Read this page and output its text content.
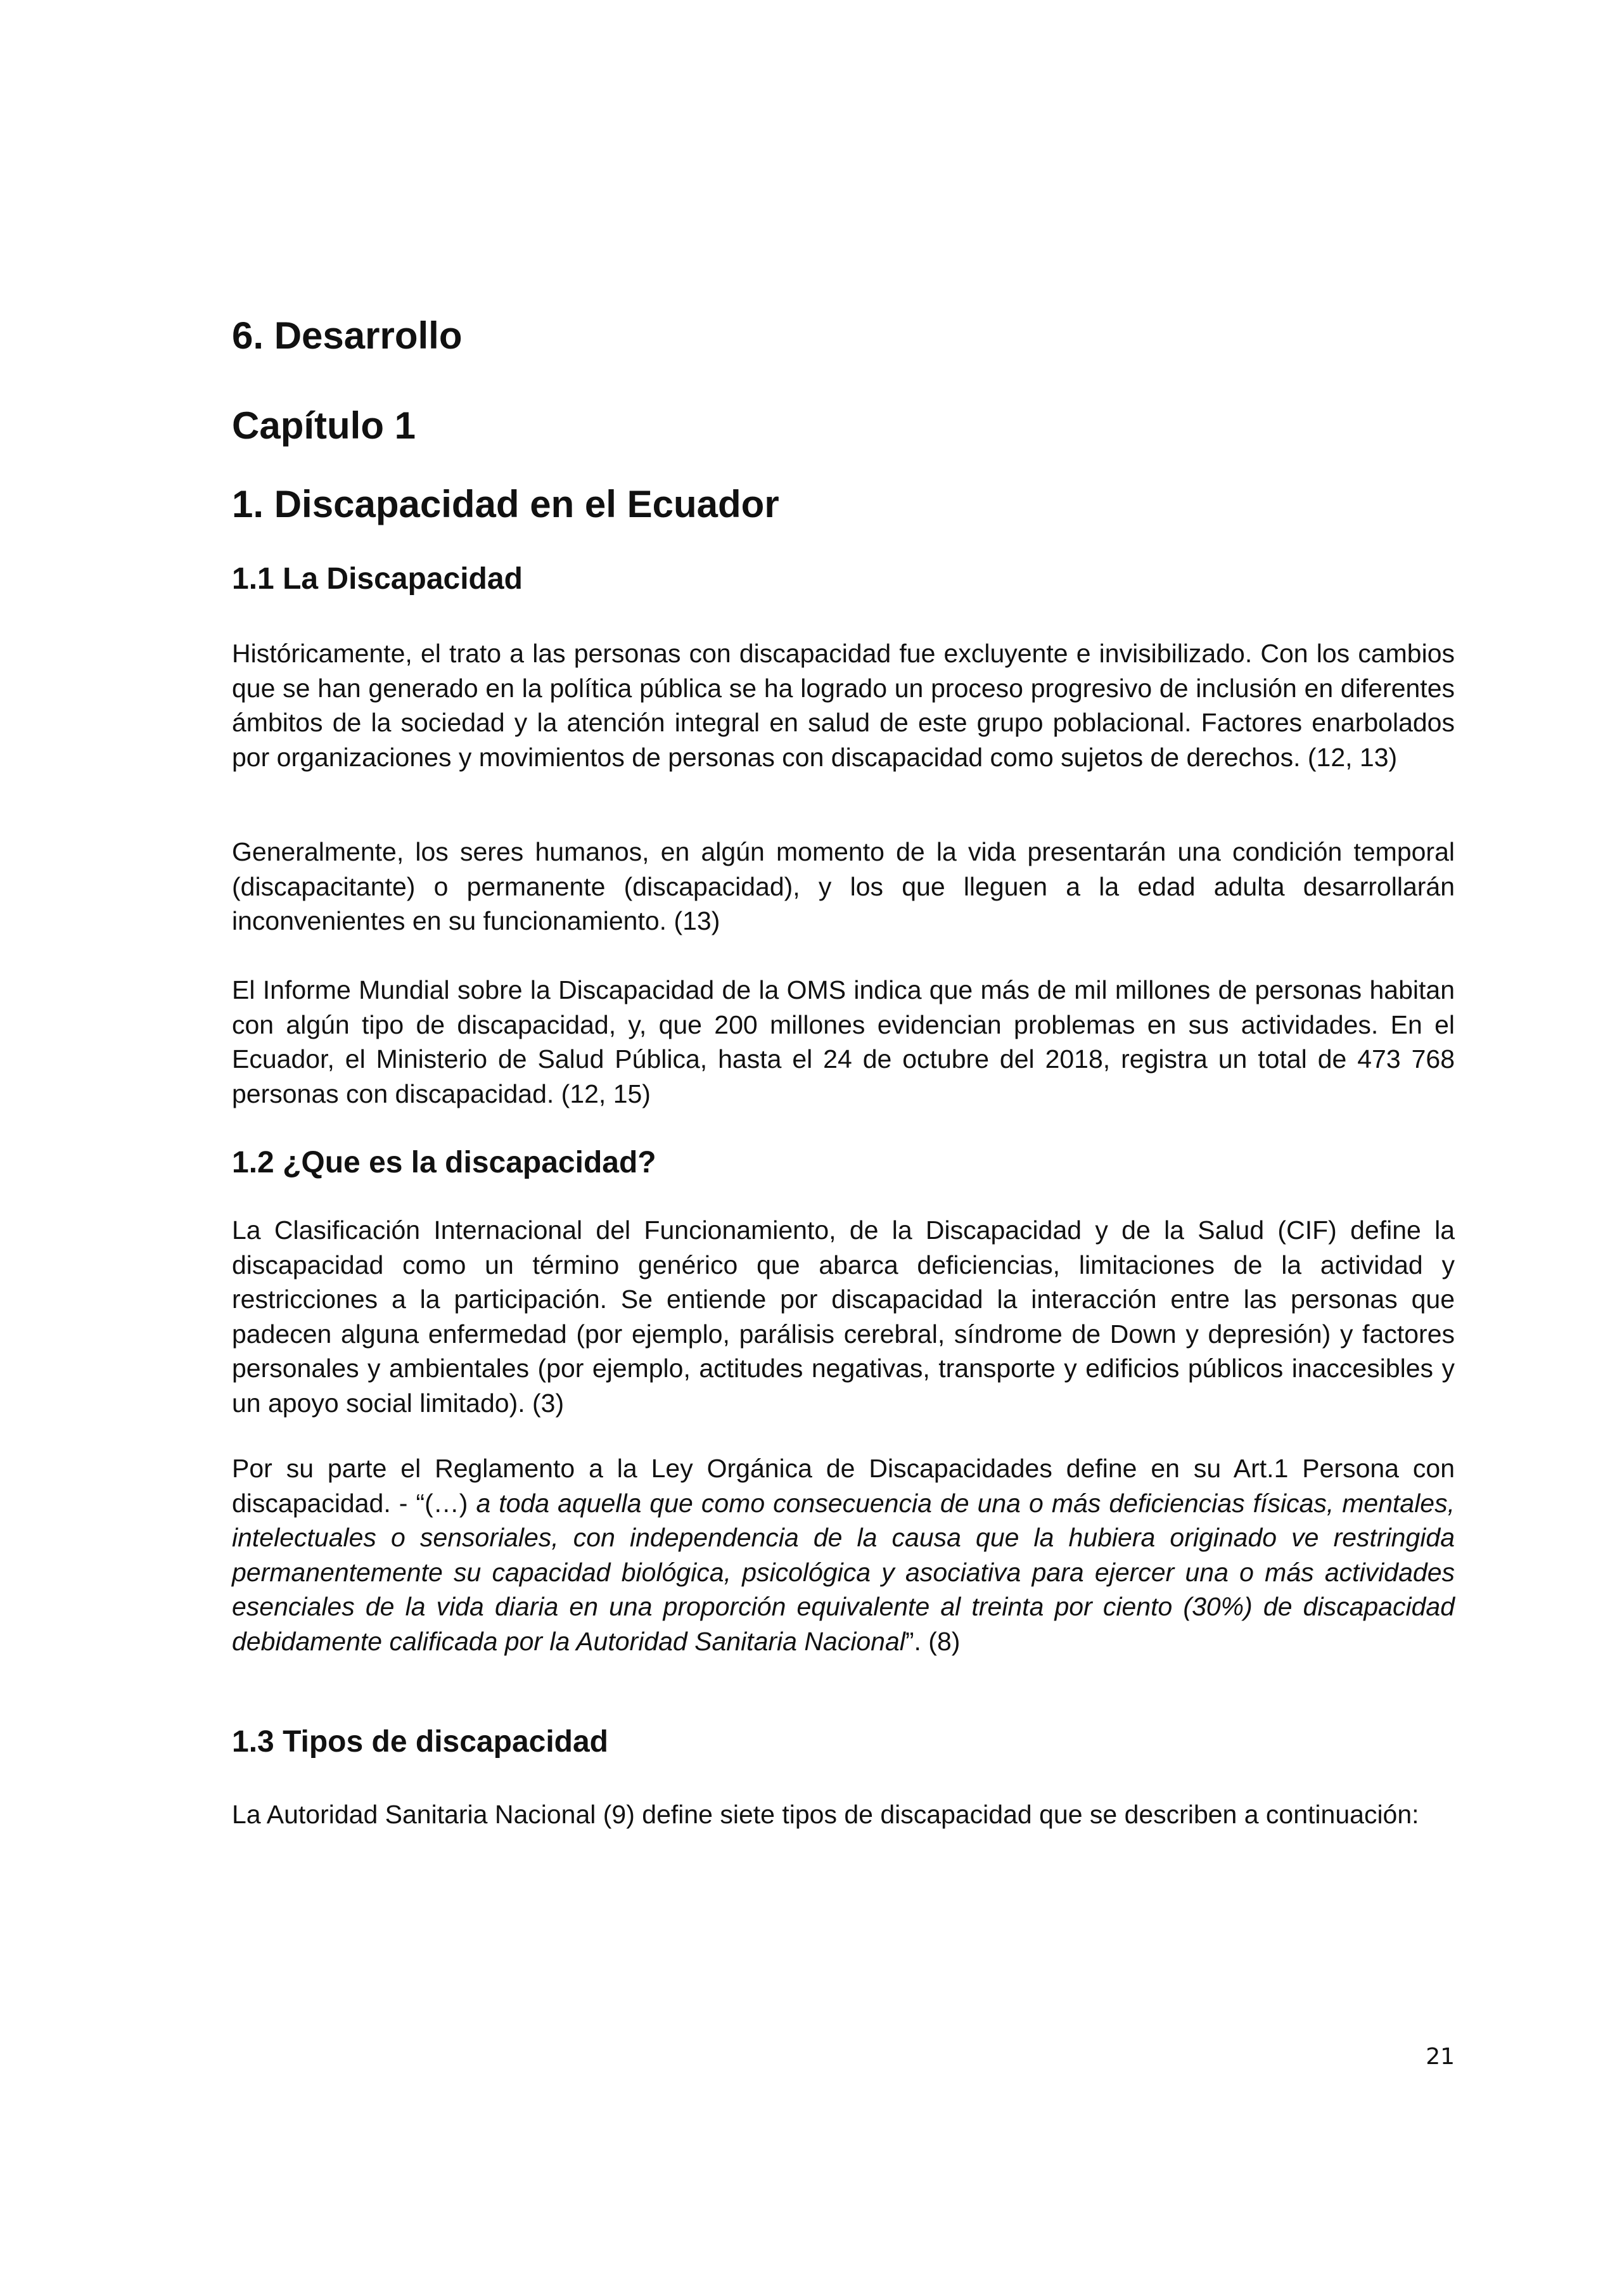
6. Desarrollo
Capítulo 1
1. Discapacidad en el Ecuador
1.1 La Discapacidad

Históricamente, el trato a las personas con discapacidad fue excluyente e invisibilizado. Con los cambios que se han generado en la política pública se ha logrado un proceso progresivo de inclusión en diferentes ámbitos de la sociedad y la atención integral en salud de este grupo poblacional. Factores enarbolados por organizaciones y movimientos de personas con discapacidad como sujetos de derechos. (12, 13)

Generalmente, los seres humanos, en algún momento de la vida presentarán una condición temporal (discapacitante) o permanente (discapacidad), y los que lleguen a la edad adulta desarrollarán inconvenientes en su funcionamiento. (13)

El Informe Mundial sobre la Discapacidad de la OMS indica que más de mil millones de personas habitan con algún tipo de discapacidad, y, que 200 millones evidencian problemas en sus actividades. En el Ecuador, el Ministerio de Salud Pública, hasta el 24 de octubre del 2018, registra un total de 473 768 personas con discapacidad. (12, 15)

1.2 ¿Que es la discapacidad?

La Clasificación Internacional del Funcionamiento, de la Discapacidad y de la Salud (CIF) define la discapacidad como un término genérico que abarca deficiencias, limitaciones de la actividad y restricciones a la participación. Se entiende por discapacidad la interacción entre las personas que padecen alguna enfermedad (por ejemplo, parálisis cerebral, síndrome de Down y depresión) y factores personales y ambientales (por ejemplo, actitudes negativas, transporte y edificios públicos inaccesibles y un apoyo social limitado). (3)

Por su parte el Reglamento a la Ley Orgánica de Discapacidades define en su Art.1 Persona con discapacidad. - “(…) a toda aquella que como consecuencia de una o más deficiencias físicas, mentales, intelectuales o sensoriales, con independencia de la causa que la hubiera originado ve restringida permanentemente su capacidad biológica, psicológica y asociativa para ejercer una o más actividades esenciales de la vida diaria en una proporción equivalente al treinta por ciento (30%) de discapacidad debidamente calificada por la Autoridad Sanitaria Nacional”. (8)

1.3 Tipos de discapacidad

La Autoridad Sanitaria Nacional (9) define siete tipos de discapacidad que se describen a continuación:

21
